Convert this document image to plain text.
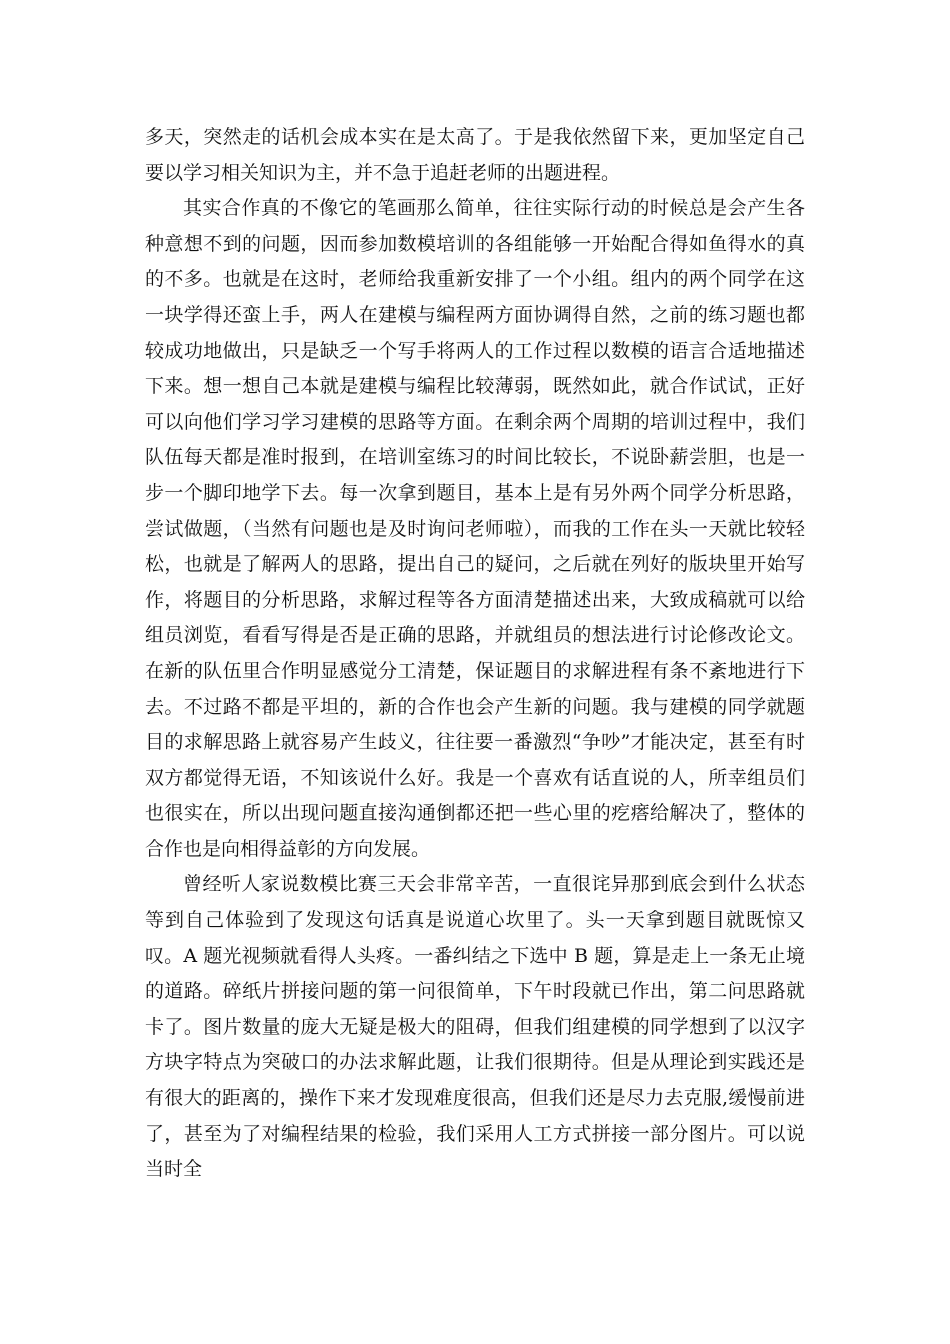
多天，突然走的话机会成本实在是太高了。于是我依然留下来，更加坚定自己要以学习相关知识为主，并不急于追赶老师的出题进程。

其实合作真的不像它的笔画那么简单，往往实际行动的时候总是会产生各种意想不到的问题，因而参加数模培训的各组能够一开始配合得如鱼得水的真的不多。也就是在这时，老师给我重新安排了一个小组。组内的两个同学在这一块学得还蛮上手，两人在建模与编程两方面协调得自然，之前的练习题也都较成功地做出，只是缺乏一个写手将两人的工作过程以数模的语言合适地描述下来。想一想自己本就是建模与编程比较薄弱，既然如此，就合作试试，正好可以向他们学习学习建模的思路等方面。在剩余两个周期的培训过程中，我们队伍每天都是准时报到，在培训室练习的时间比较长，不说卧薪尝胆，也是一步一个脚印地学下去。每一次拿到题目，基本上是有另外两个同学分析思路，尝试做题，（当然有问题也是及时询问老师啦），而我的工作在头一天就比较轻松，也就是了解两人的思路，提出自己的疑问，之后就在列好的版块里开始写作，将题目的分析思路，求解过程等各方面清楚描述出来，大致成稿就可以给组员浏览，看看写得是否是正确的思路，并就组员的想法进行讨论修改论文。在新的队伍里合作明显感觉分工清楚，保证题目的求解进程有条不紊地进行下去。不过路不都是平坦的，新的合作也会产生新的问题。我与建模的同学就题目的求解思路上就容易产生歧义，往往要一番激烈“争吵”才能决定，甚至有时双方都觉得无语，不知该说什么好。我是一个喜欢有话直说的人，所幸组员们也很实在，所以出现问题直接沟通倒都还把一些心里的疙瘩给解决了，整体的合作也是向相得益彰的方向发展。

曾经听人家说数模比赛三天会非常辛苦，一直很诧异那到底会到什么状态等到自己体验到了发现这句话真是说道心坎里了。头一天拿到题目就既惊又叹。A 题光视频就看得人头疼。一番纠结之下选中 B 题，算是走上一条无止境的道路。碎纸片拼接问题的第一问很简单，下午时段就已作出，第二问思路就卡了。图片数量的庞大无疑是极大的阻碍，但我们组建模的同学想到了以汉字方块字特点为突破口的办法求解此题，让我们很期待。但是从理论到实践还是有很大的距离的，操作下来才发现难度很高，但我们还是尽力去克服,缓慢前进了，甚至为了对编程结果的检验，我们采用人工方式拼接一部分图片。可以说当时全
